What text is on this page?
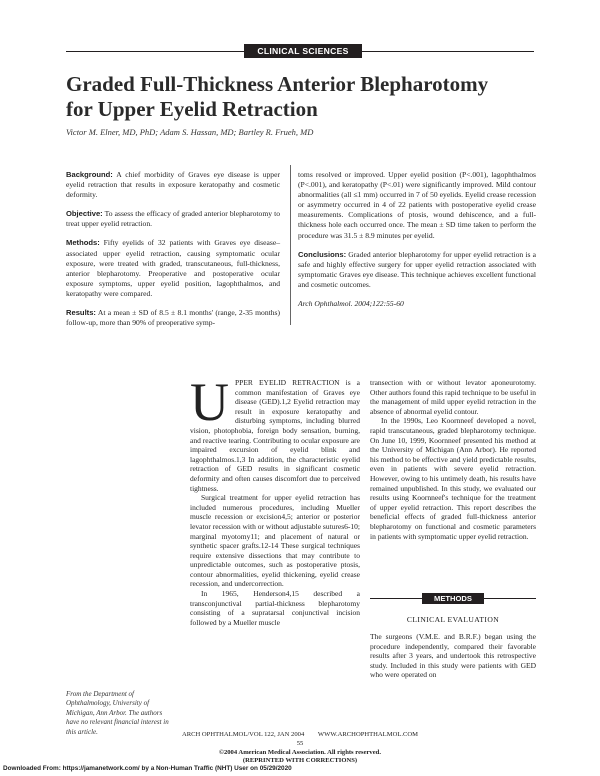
CLINICAL SCIENCES
Graded Full-Thickness Anterior Blepharotomy
for Upper Eyelid Retraction
Victor M. Elner, MD, PhD; Adam S. Hassan, MD; Bartley R. Frueh, MD

Background: A chief morbidity of Graves eye disease is upper eyelid retraction that results in exposure keratopathy and cosmetic deformity.

Objective: To assess the efficacy of graded anterior blepharotomy to treat upper eyelid retraction.

Methods: Fifty eyelids of 32 patients with Graves eye disease–associated upper eyelid retraction, causing symptomatic ocular exposure, were treated with graded, transcutaneous, full-thickness, anterior blepharotomy. Preoperative and postoperative ocular exposure symptoms, upper eyelid position, lagophthalmos, and keratopathy were compared.

Results: At a mean ± SD of 8.5 ± 8.1 months' (range, 2-35 months) follow-up, more than 90% of preoperative symp-

toms resolved or improved. Upper eyelid position (P<.001), lagophthalmos (P<.001), and keratopathy (P<.01) were significantly improved. Mild contour abnormalities (all ≤1 mm) occurred in 7 of 50 eyelids. Eyelid crease recession or asymmetry occurred in 4 of 22 patients with postoperative eyelid crease measurements. Complications of ptosis, wound dehiscence, and a full-thickness hole each occurred once. The mean ± SD time taken to perform the procedure was 31.5 ± 8.9 minutes per eyelid.

Conclusions: Graded anterior blepharotomy for upper eyelid retraction is a safe and highly effective surgery for upper eyelid retraction associated with symptomatic Graves eye disease. This technique achieves excellent functional and cosmetic outcomes.

Arch Ophthalmol. 2004;122:55-60

UPPER EYELID RETRACTION is a common manifestation of Graves eye disease (GED).1,2 Eyelid retraction may result in exposure keratopathy and disturbing symptoms, including blurred vision, photophobia, foreign body sensation, burning, and reactive tearing. Contributing to ocular exposure are impaired excursion of eyelid blink and lagophthalmos.1,3 In addition, the characteristic eyelid retraction of GED results in significant cosmetic deformity and often causes discomfort due to perceived tightness.

Surgical treatment for upper eyelid retraction has included numerous procedures, including Mueller muscle recession or excision4,5; anterior or posterior levator recession with or without adjustable sutures6-10; marginal myotomy11; and placement of natural or synthetic spacer grafts.12-14 These surgical techniques require extensive dissections that may contribute to unpredictable outcomes, such as postoperative ptosis, contour abnormalities, eyelid thickening, eyelid crease recession, and undercorrection.

In 1965, Henderson4,15 described a transconjunctival partial-thickness blepharotomy consisting of a supratarsal conjunctival incision followed by a Mueller muscle

transection with or without levator aponeurotomy. Other authors found this rapid technique to be useful in the management of mild upper eyelid retraction in the absence of abnormal eyelid contour.

In the 1990s, Leo Koornneef developed a novel, rapid transcutaneous, graded blepharotomy technique. On June 10, 1999, Koornneef presented his method at the University of Michigan (Ann Arbor). He reported his method to be effective and yield predictable results, even in patients with severe eyelid retraction. However, owing to his untimely death, his results have remained unpublished. In this study, we evaluated our results using Koornneef's technique for the treatment of upper eyelid retraction. This report describes the beneficial effects of graded full-thickness anterior blepharotomy on functional and cosmetic parameters in patients with symptomatic upper eyelid retraction.

METHODS
CLINICAL EVALUATION

The surgeons (V.M.E. and B.R.F.) began using the procedure independently, compared their favorable results after 3 years, and undertook this retrospective study. Included in this study were patients with GED who were operated on

From the Department of Ophthalmology, University of Michigan, Ann Arbor. The authors have no relevant financial interest in this article.	ARCH OPHTHALMOL/VOL 122, JAN 2004 WWW.ARCHOPHTHALMOL.COM
55
©2004 American Medical Association. All rights reserved.
(REPRINTED WITH CORRECTIONS)
Downloaded From: https://jamanetwork.com/ by a Non-Human Traffic (NHT) User on 05/29/2020
